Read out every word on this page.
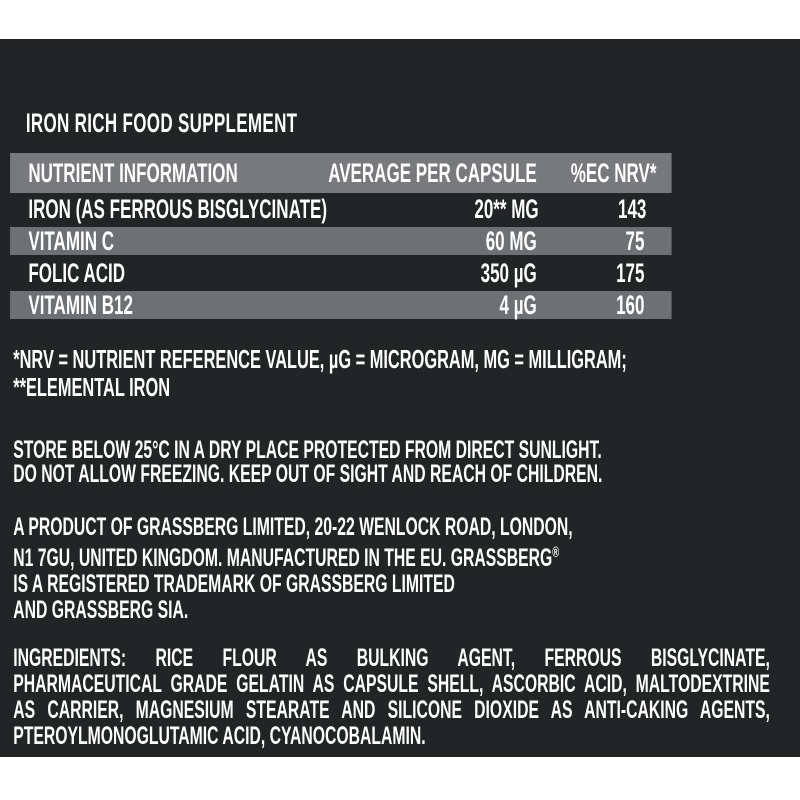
IRON RICH FOOD SUPPLEMENT
NUTRIENT INFORMATION	AVERAGE PER CAPSULE	%EC NRV*
IRON (AS FERROUS BISGLYCINATE)	20** MG	143
VITAMIN C	60 MG	75
FOLIC ACID	350 µG	175
VITAMIN B12	4 µG	160
*NRV = NUTRIENT REFERENCE VALUE, µG = MICROGRAM, MG = MILLIGRAM;
**ELEMENTAL IRON
STORE BELOW 25°C IN A DRY PLACE PROTECTED FROM DIRECT SUNLIGHT.
DO NOT ALLOW FREEZING. KEEP OUT OF SIGHT AND REACH OF CHILDREN.
A PRODUCT OF GRASSBERG LIMITED, 20-22 WENLOCK ROAD, LONDON,
N1 7GU, UNITED KINGDOM. MANUFACTURED IN THE EU. GRASSBERG®
IS A REGISTERED TRADEMARK OF GRASSBERG LIMITED
AND GRASSBERG SIA.
INGREDIENTS: RICE FLOUR AS BULKING AGENT, FERROUS BISGLYCINATE,
PHARMACEUTICAL GRADE GELATIN AS CAPSULE SHELL, ASCORBIC ACID, MALTODEXTRINE
AS CARRIER, MAGNESIUM STEARATE AND SILICONE DIOXIDE AS ANTI-CAKING AGENTS,
PTEROYLMONOGLUTAMIC ACID, CYANOCOBALAMIN.
